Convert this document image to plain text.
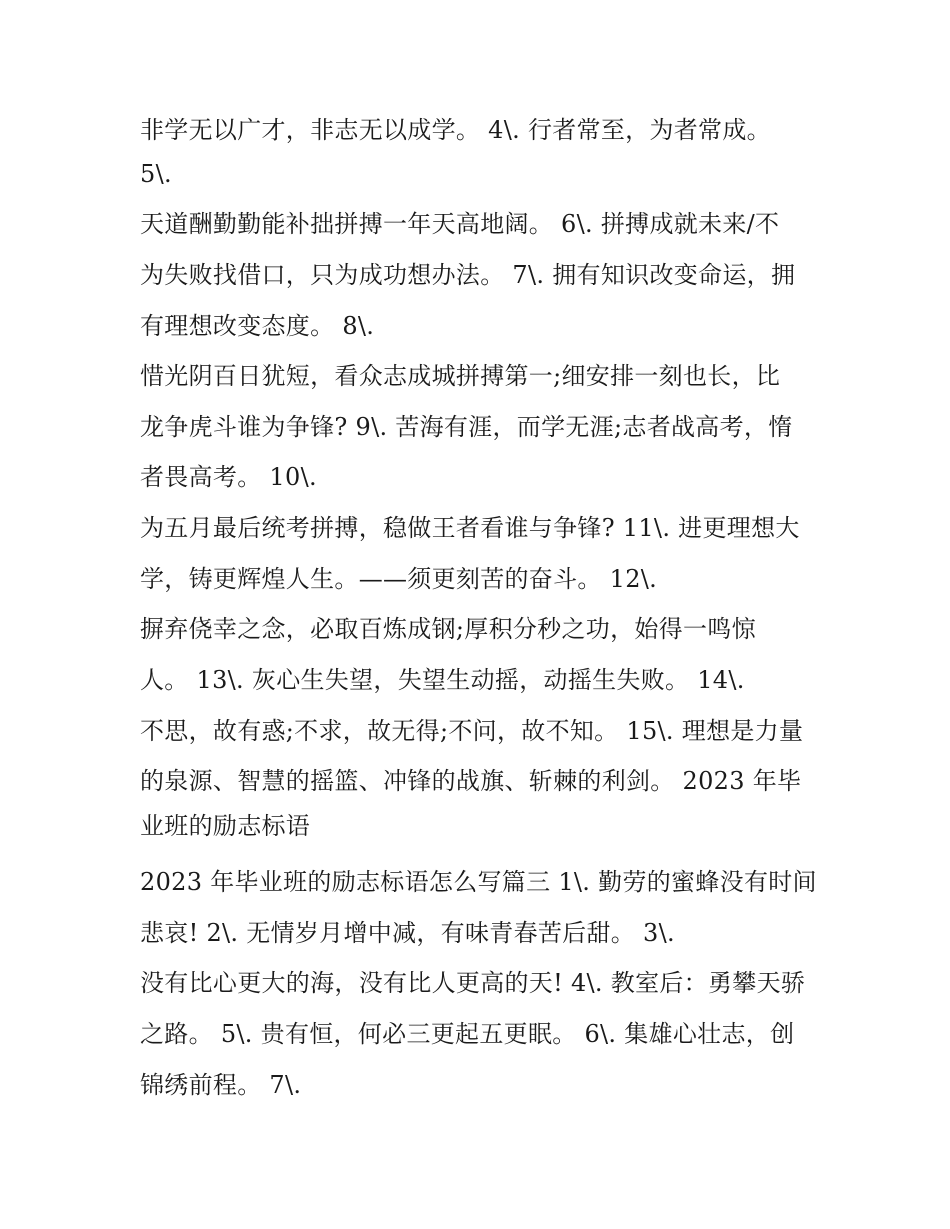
非学无以广才，非志无以成学。 4\. 行者常至，为者常成。
5\.
天道酬勤勤能补拙拼搏一年天高地阔。 6\. 拼搏成就未来/不
为失败找借口，只为成功想办法。 7\. 拥有知识改变命运，拥
有理想改变态度。 8\.
惜光阴百日犹短，看众志成城拼搏第一;细安排一刻也长，比
龙争虎斗谁为争锋? 9\. 苦海有涯，而学无涯;志者战高考，惰
者畏高考。 10\.
为五月最后统考拼搏，稳做王者看谁与争锋? 11\. 进更理想大
学，铸更辉煌人生。——须更刻苦的奋斗。 12\.
摒弃侥幸之念，必取百炼成钢;厚积分秒之功，始得一鸣惊
人。 13\. 灰心生失望，失望生动摇，动摇生失败。 14\.
不思，故有惑;不求，故无得;不问，故不知。 15\. 理想是力量
的泉源、智慧的摇篮、冲锋的战旗、斩棘的利剑。 2023 年毕
业班的励志标语
2023 年毕业班的励志标语怎么写篇三 1\. 勤劳的蜜蜂没有时间
悲哀! 2\. 无情岁月增中减，有味青春苦后甜。 3\.
没有比心更大的海，没有比人更高的天! 4\. 教室后：勇攀天骄
之路。 5\. 贵有恒，何必三更起五更眠。 6\. 集雄心壮志，创
锦绣前程。 7\.
